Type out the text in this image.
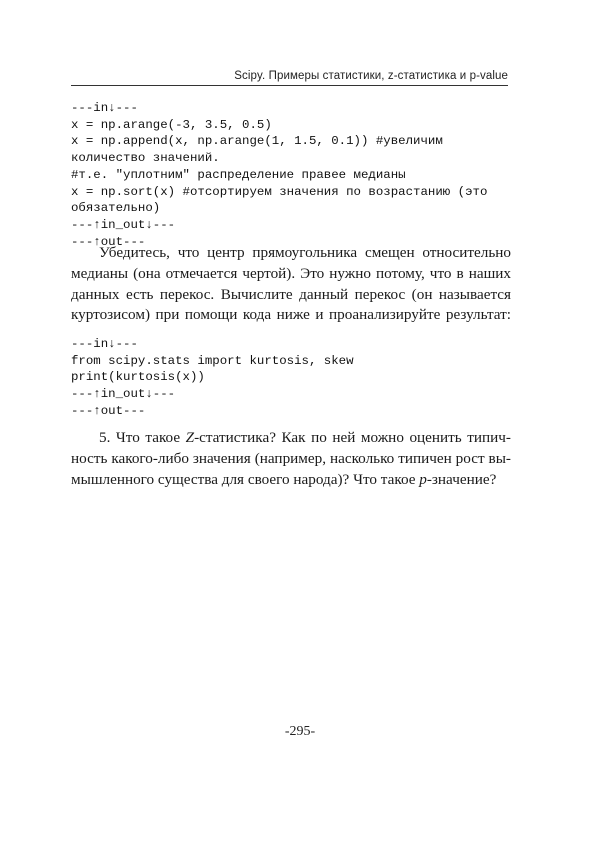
Scipy. Примеры статистики, z-статистика и p-value
---in↓---
x = np.arange(-3, 3.5, 0.5)
x = np.append(x, np.arange(1, 1.5, 0.1)) #увеличим
количество значений.
#т.е. "уплотним" распределение правее медианы
x = np.sort(x) #отсортируем значения по возрастанию (это
обязательно)
---↑in_out↓---
---↑out---
Убедитесь, что центр прямоугольника смещен относительно
медианы (она отмечается чертой). Это нужно потому, что в наших
данных есть перекос. Вычислите данный перекос (он называется
куртозисом) при помощи кода ниже и проанализируйте результат:
---in↓---
from scipy.stats import kurtosis, skew
print(kurtosis(x))
---↑in_out↓---
---↑out---
5. Что такое Z-статистика? Как по ней можно оценить типич-
ность какого-либо значения (например, насколько типичен рост вы-
мышленного существа для своего народа)? Что такое p-значение?
-295-
